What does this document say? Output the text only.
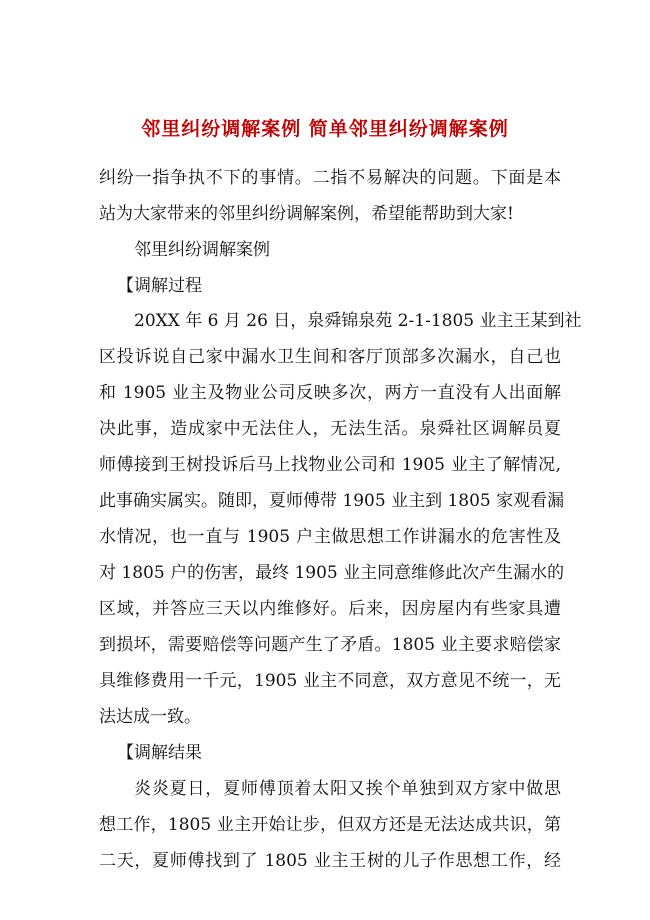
邻里纠纷调解案例 简单邻里纠纷调解案例
纠纷一指争执不下的事情。二指不易解决的问题。下面是本
站为大家带来的邻里纠纷调解案例，希望能帮助到大家!
邻里纠纷调解案例
【调解过程
20XX 年 6 月 26 日，泉舜锦泉苑 2-1-1805 业主王某到社
区投诉说自己家中漏水卫生间和客厅顶部多次漏水，自己也
和 1905 业主及物业公司反映多次，两方一直没有人出面解
决此事，造成家中无法住人，无法生活。泉舜社区调解员夏
师傅接到王树投诉后马上找物业公司和 1905 业主了解情况,
此事确实属实。随即，夏师傅带 1905 业主到 1805 家观看漏
水情况，也一直与 1905 户主做思想工作讲漏水的危害性及
对 1805 户的伤害，最终 1905 业主同意维修此次产生漏水的
区域，并答应三天以内维修好。后来，因房屋内有些家具遭
到损坏，需要赔偿等问题产生了矛盾。1805 业主要求赔偿家
具维修费用一千元，1905 业主不同意，双方意见不统一，无
法达成一致。
【调解结果
炎炎夏日，夏师傅顶着太阳又挨个单独到双方家中做思
想工作，1805 业主开始让步，但双方还是无法达成共识，第
二天，夏师傅找到了 1805 业主王树的儿子作思想工作，经
